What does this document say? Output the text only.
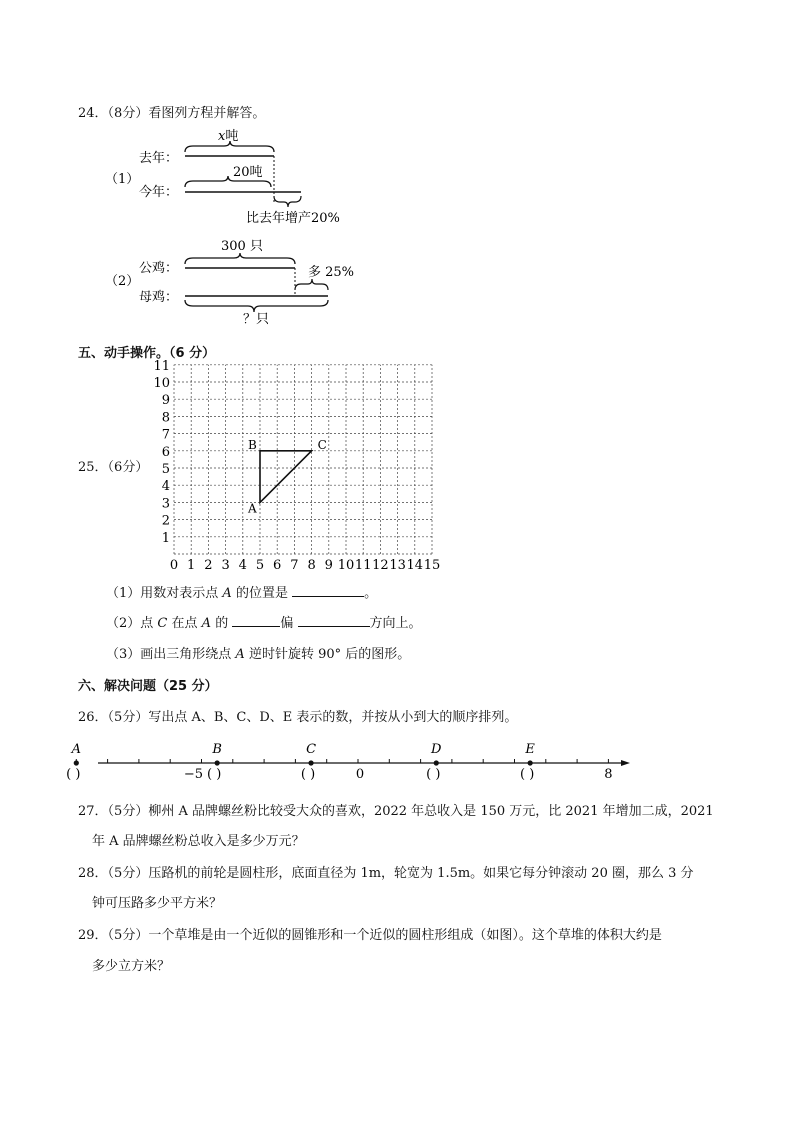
24．（8分）看图列方程并解答。
（1）
去年：
今年：
x吨
20吨
比去年增产20%
（2）
公鸡：
母鸡：
300 只
多 25%
？只
五、动手操作。（6 分）
25．（6分）
0 1 2 3 4 5 6 7 8 9 10 11 12 13 14 15
1
2
3
4
5
6
7
8
9
10
11
A
B	C
（1）用数对表示点 A 的位置是	。
（2）点 C 在点 A 的	偏	方向上。
（3）画出三角形绕点 A 逆时针旋转 90° 后的图形。
六、解决问题（25 分）
26．（5分）写出点 A、B、C、D、E 表示的数，并按从小到大的顺序排列。
A
( )
B
( )
C
( )
D
( )
E
( )
−5	0	8
27．（5分）柳州 A 品牌螺丝粉比较受大众的喜欢，2022 年总收入是 150 万元，比 2021 年增加二成，2021
年 A 品牌螺丝粉总收入是多少万元？
28．（5分）压路机的前轮是圆柱形，底面直径为 1m，轮宽为 1.5m。如果它每分钟滚动 20 圈，那么 3 分
钟可压路多少平方米？
29．（5分）一个草堆是由一个近似的圆锥形和一个近似的圆柱形组成（如图）。这个草堆的体积大约是
多少立方米？
